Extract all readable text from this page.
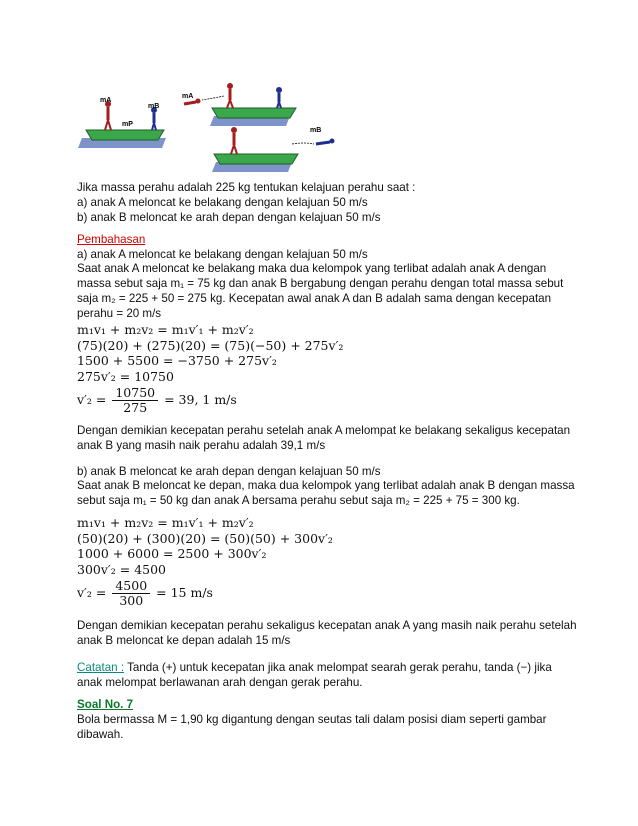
mA
mB
mP
mA
mB

Jika massa perahu adalah 225 kg tentukan kelajuan perahu saat :

a) anak A meloncat ke belakang dengan kelajuan 50 m/s

b) anak B meloncat ke arah depan dengan kelajuan 50 m/s

Pembahasan

a) anak A meloncat ke belakang dengan kelajuan 50 m/s

Saat anak A meloncat ke belakang maka dua kelompok yang terlibat adalah anak A dengan massa sebut saja m₁ = 75 kg dan anak B bergabung dengan perahu dengan total massa sebut saja m₂ = 225 + 50 = 275 kg. Kecepatan awal anak A dan B adalah sama dengan kecepatan perahu = 20 m/s

m₁v₁ + m₂v₂ = m₁v′₁ + m₂v′₂
(75)(20) + (275)(20) = (75)(−50) + 275v′₂
1500 + 5500 = −3750 + 275v′₂
275v′₂ = 10750
$v'_2 = \frac{10750}{275} = 39$, 1 m/s

Dengan demikian kecepatan perahu setelah anak A melompat ke belakang sekaligus kecepatan anak B yang masih naik perahu adalah 39,1 m/s

b) anak B meloncat ke arah depan dengan kelajuan 50 m/s

Saat anak B meloncat ke depan, maka dua kelompok yang terlibat adalah anak B dengan massa sebut saja m₁ = 50 kg dan anak A bersama perahu sebut saja m₂ = 225 + 75 = 300 kg.

m₁v₁ + m₂v₂ = m₁v′₁ + m₂v′₂
(50)(20) + (300)(20) = (50)(50) + 300v′₂
1000 + 6000 = 2500 + 300v′₂
300v′₂ = 4500
$v'_2 = \frac{4500}{300} = 15$ m/s

Dengan demikian kecepatan perahu sekaligus kecepatan anak A yang masih naik perahu setelah anak B meloncat ke depan adalah 15 m/s

Catatan : Tanda (+) untuk kecepatan jika anak melompat searah gerak perahu, tanda (−) jika anak melompat berlawanan arah dengan gerak perahu.

Soal No. 7

Bola bermassa M = 1,90 kg digantung dengan seutas tali dalam posisi diam seperti gambar dibawah.
